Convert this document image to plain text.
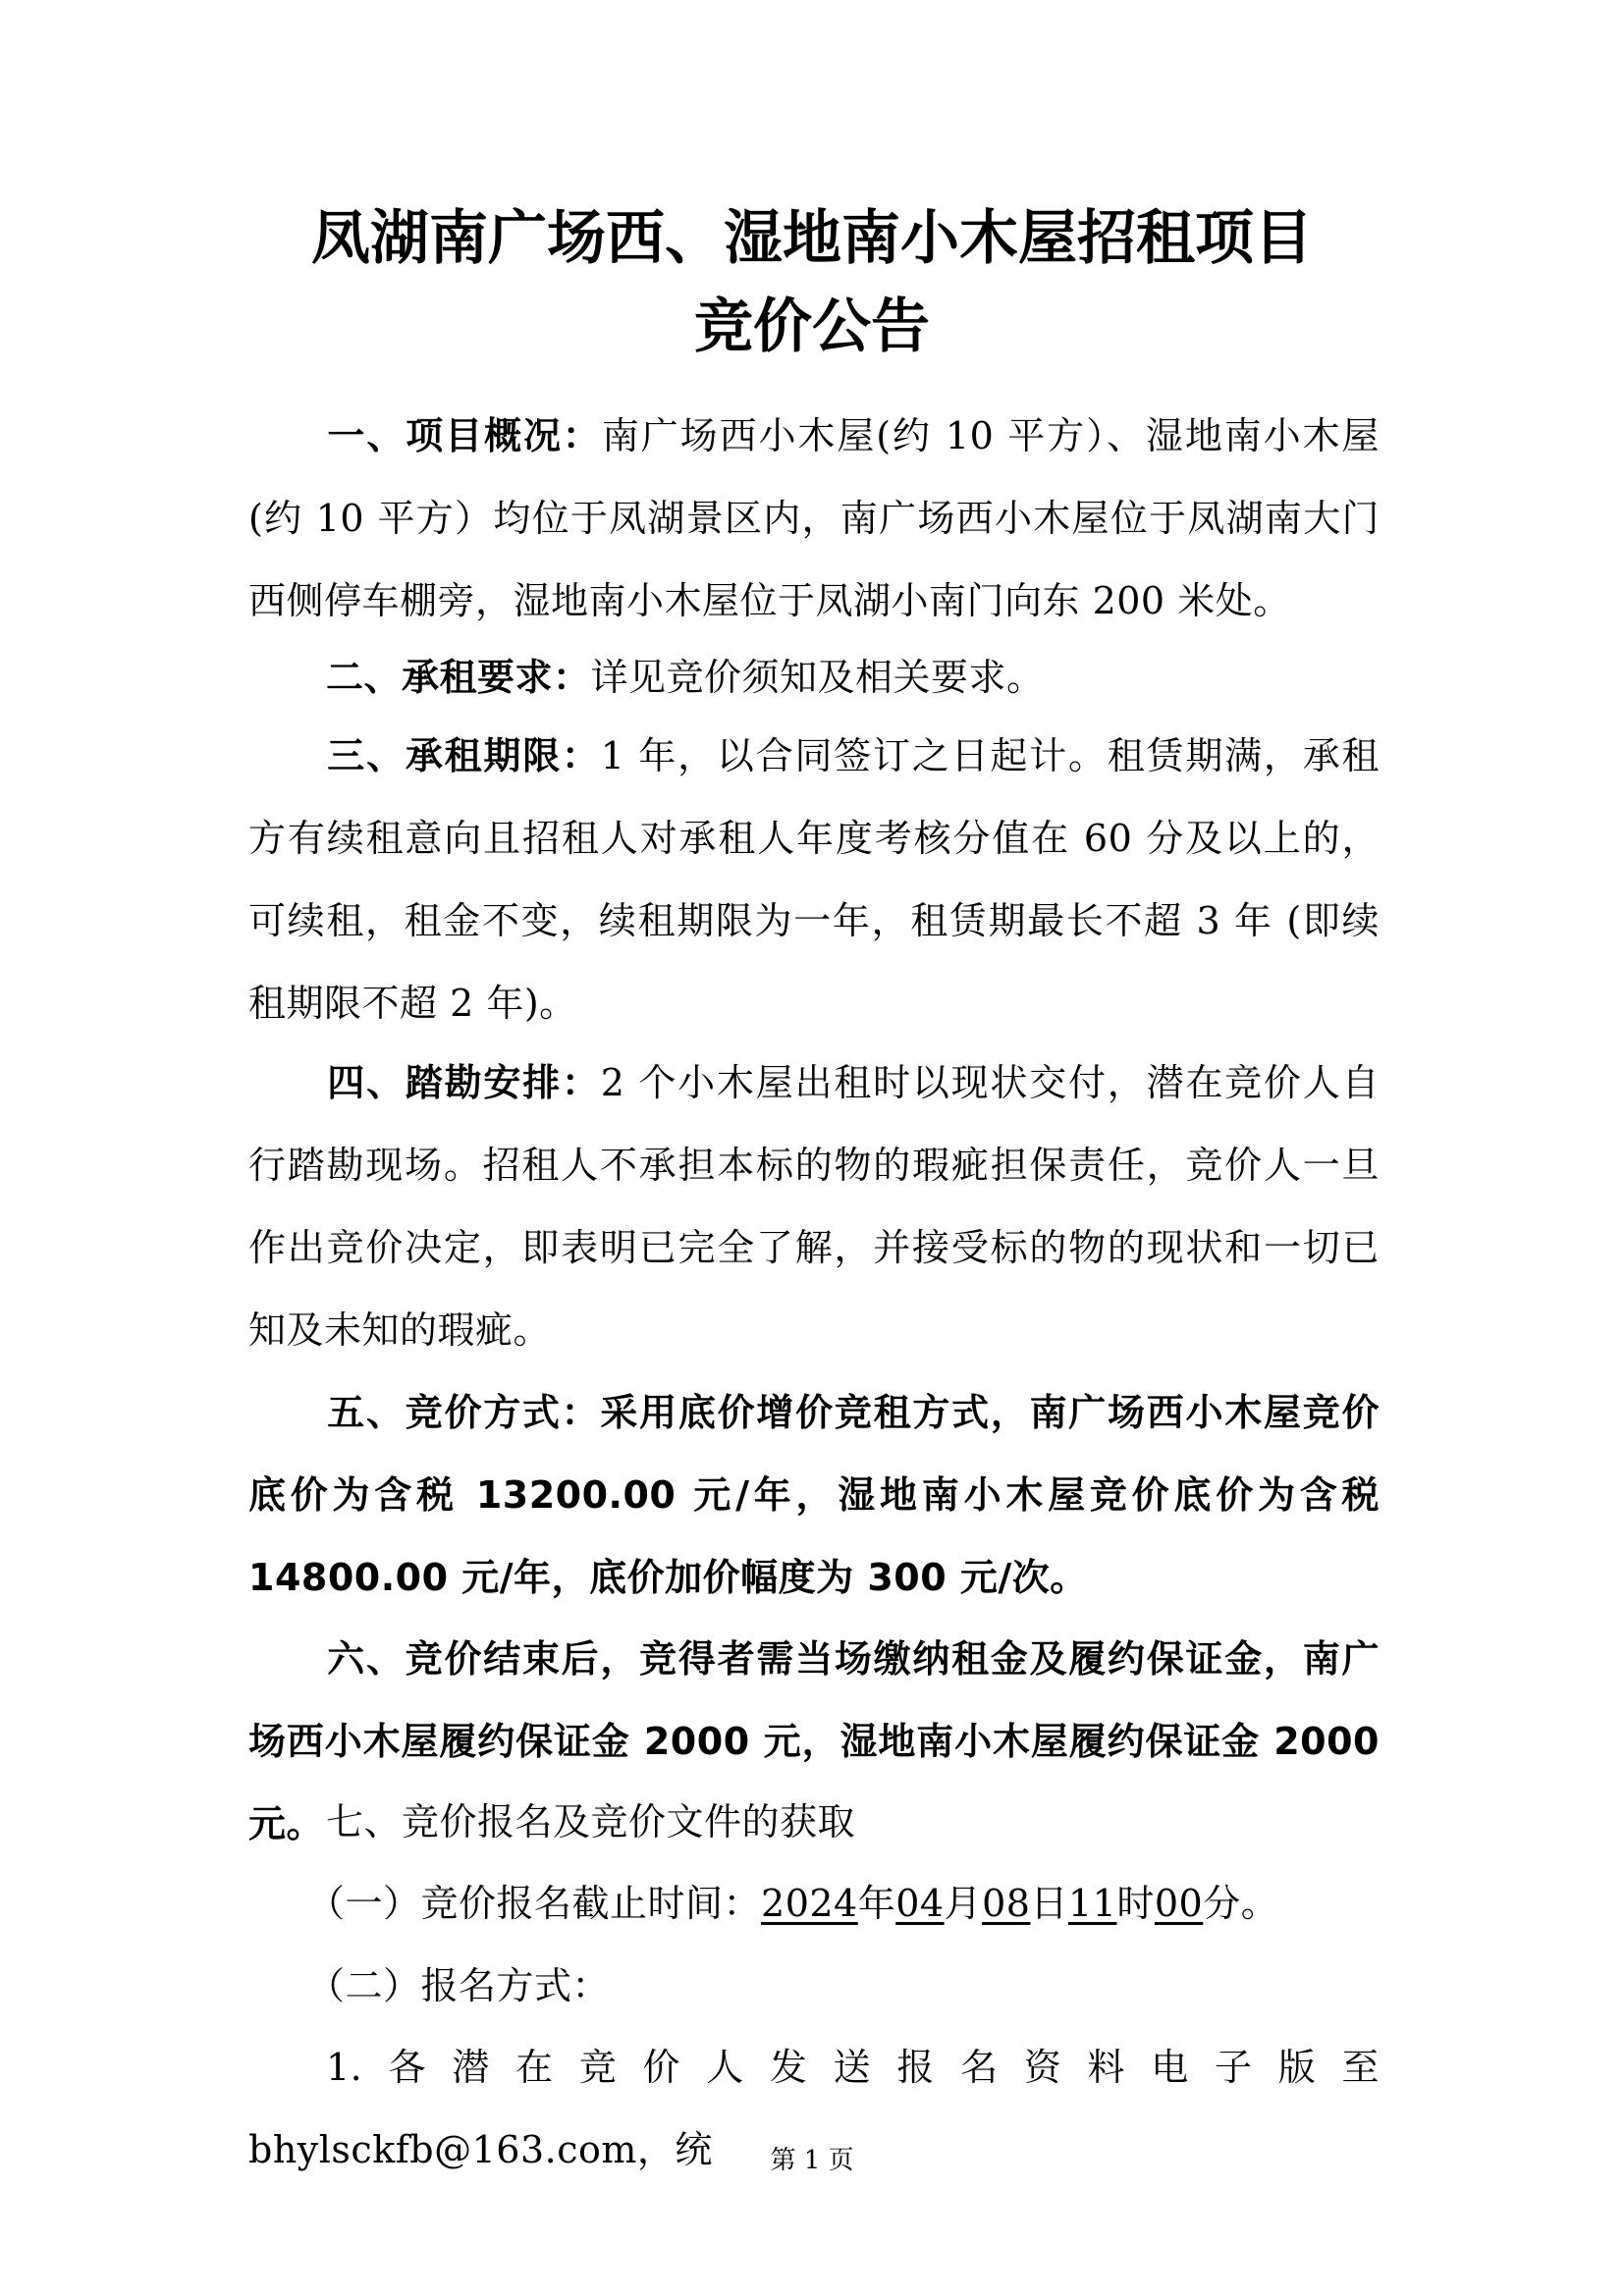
凤湖南广场西、湿地南小木屋招租项目
竞价公告

一、项目概况：南广场西小木屋(约 10 平方）、湿地南小木屋(约 10 平方）均位于凤湖景区内，南广场西小木屋位于凤湖南大门西侧停车棚旁，湿地南小木屋位于凤湖小南门向东 200 米处。

二、承租要求：详见竞价须知及相关要求。

三、承租期限：1 年，以合同签订之日起计。租赁期满，承租方有续租意向且招租人对承租人年度考核分值在 60 分及以上的，可续租，租金不变，续租期限为一年，租赁期最长不超 3 年 (即续租期限不超 2 年)。

四、踏勘安排：2 个小木屋出租时以现状交付，潜在竞价人自行踏勘现场。招租人不承担本标的物的瑕疵担保责任，竞价人一旦作出竞价决定，即表明已完全了解，并接受标的物的现状和一切已知及未知的瑕疵。

五、竞价方式：采用底价增价竞租方式，南广场西小木屋竞价底价为含税 13200.00 元/年，湿地南小木屋竞价底价为含税 14800.00 元/年，底价加价幅度为 300 元/次。

六、竞价结束后，竞得者需当场缴纳租金及履约保证金，南广场西小木屋履约保证金 2000 元，湿地南小木屋履约保证金 2000 元。 七、竞价报名及竞价文件的获取

（一）竞价报名截止时间：2024年04月08日11时00分。

（二）报名方式：

1.各潜在竞价人发送报名资料电子版至 bhylsckfb@163.com，统	第 1 页
